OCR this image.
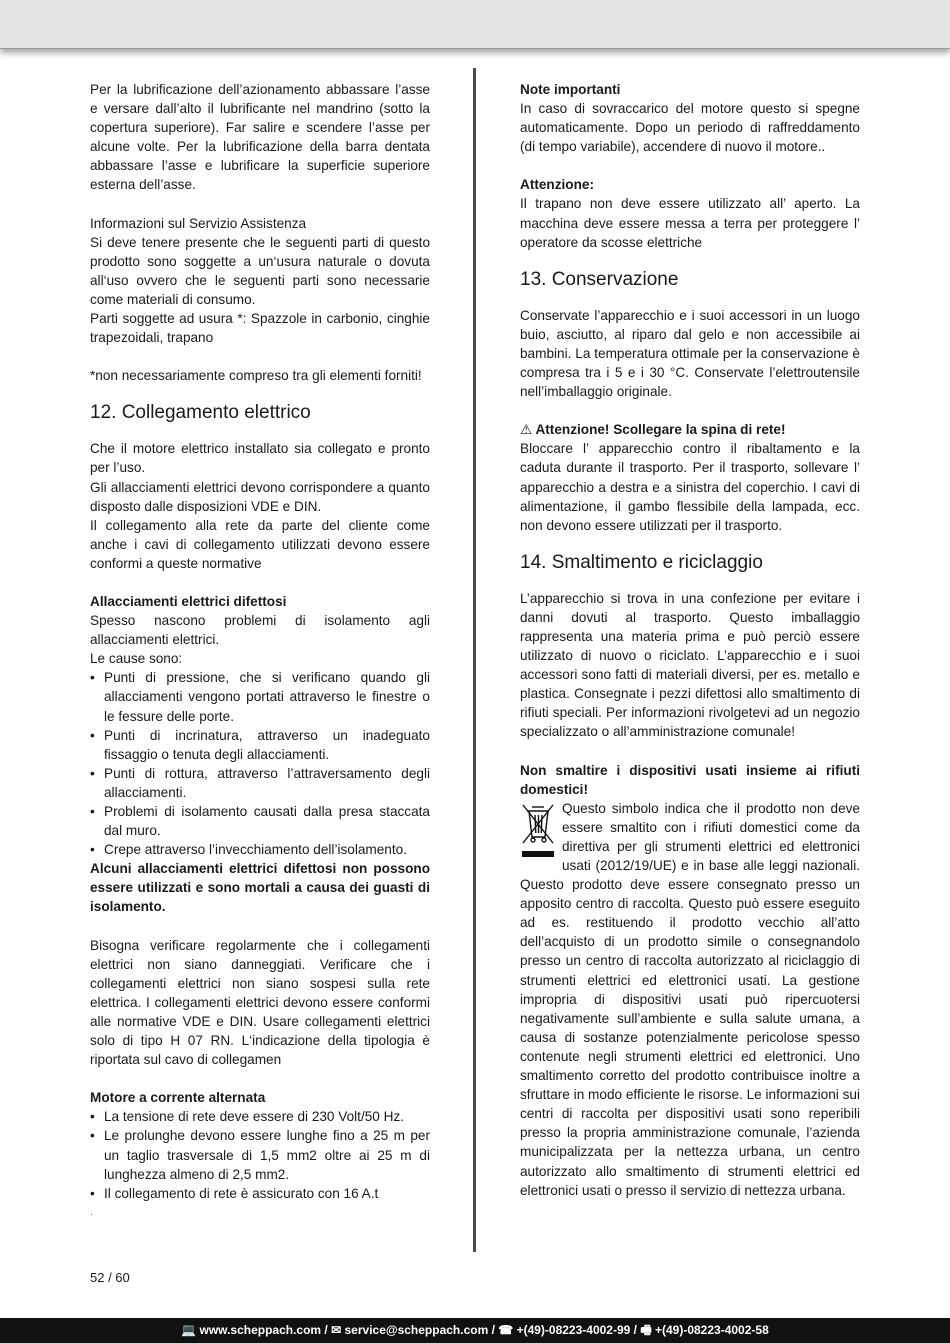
Per la lubrificazione dell’azionamento abbassare l’asse e versare dall’alto il lubrificante nel mandrino (sotto la copertura superiore). Far salire e scendere l’asse per alcune volte. Per la lubrificazione della barra dentata abbassare l’asse e lubrificare la superficie superiore esterna dell’asse.

Informazioni sul Servizio Assistenza

Si deve tenere presente che le seguenti parti di questo prodotto sono soggette a un‘usura naturale o dovuta all‘uso ovvero che le seguenti parti sono necessarie come materiali di consumo.

Parti soggette ad usura *: Spazzole in carbonio, cinghie trapezoidali, trapano

*non necessariamente compreso tra gli elementi forniti!

12. Collegamento elettrico

Che il motore elettrico installato sia collegato e pronto per l’uso.

Gli allacciamenti elettrici devono corrispondere a quanto disposto dalle disposizioni VDE e DIN.

Il collegamento alla rete da parte del cliente come anche i cavi di collegamento utilizzati devono essere conformi a queste normative

Allacciamenti elettrici difettosi

Spesso nascono problemi di isolamento agli allacciamenti elettrici.

Le cause sono:

• Punti di pressione, che si verificano quando gli allacciamenti vengono portati attraverso le finestre o le fessure delle porte.
• Punti di incrinatura, attraverso un inadeguato fissaggio o tenuta degli allacciamenti.
• Punti di rottura, attraverso l’attraversamento degli allacciamenti.
• Problemi di isolamento causati dalla presa staccata dal muro.
• Crepe attraverso l’invecchiamento dell’isolamento.

Alcuni allacciamenti elettrici difettosi non possono essere utilizzati e sono mortali a causa dei guasti di isolamento.

Bisogna verificare regolarmente che i collegamenti elettrici non siano danneggiati. Verificare che i collegamenti elettrici non siano sospesi sulla rete elettrica. I collegamenti elettrici devono essere conformi alle normative VDE e DIN. Usare collegamenti elettrici solo di tipo H 07 RN. L‘indicazione della tipologia è riportata sul cavo di collegamen

Motore a corrente alternata

• La tensione di rete deve essere di 230 Volt/50 Hz.
• Le prolunghe devono essere lunghe fino a 25 m per un taglio trasversale di 1,5 mm2 oltre ai 25 m di lunghezza almeno di 2,5 mm2.
• Il collegamento di rete è assicurato con 16 A.t

.

Note importanti

In caso di sovraccarico del motore questo si spegne automaticamente. Dopo un periodo di raffreddamento (di tempo variabile), accendere di nuovo il motore..

Attenzione:

Il trapano non deve essere utilizzato all’ aperto. La macchina deve essere messa a terra per proteggere l’ operatore da scosse elettriche

13. Conservazione

Conservate l’apparecchio e i suoi accessori in un luogo buio, asciutto, al riparo dal gelo e non accessibile ai bambini. La temperatura ottimale per la conservazione è compresa tra i 5 e i 30 °C. Conservate l’elettroutensile nell’imballaggio originale.

⚠ Attenzione! Scollegare la spina di rete!

Bloccare l’ apparecchio contro il ribaltamento e la caduta durante il trasporto. Per il trasporto, sollevare l’ apparecchio a destra e a sinistra del coperchio. I cavi di alimentazione, il gambo flessibile della lampada, ecc. non devono essere utilizzati per il trasporto.

14. Smaltimento e riciclaggio

L’apparecchio si trova in una confezione per evitare i danni dovuti al trasporto. Questo imballaggio rappresenta una materia prima e può perciò essere utilizzato di nuovo o riciclato. L’apparecchio e i suoi accessori sono fatti di materiali diversi, per es. metallo e plastica. Consegnate i pezzi difettosi allo smaltimento di rifiuti speciali. Per informazioni rivolgetevi ad un negozio specializzato o all’amministrazione comunale!

Non smaltire i dispositivi usati insieme ai rifiuti domestici!

Questo simbolo indica che il prodotto non deve essere smaltito con i rifiuti domestici come da direttiva per gli strumenti elettrici ed elettronici usati (2012/19/UE) e in base alle leggi nazionali. Questo prodotto deve essere consegnato presso un apposito centro di raccolta. Questo può essere eseguito ad es. restituendo il prodotto vecchio all’atto dell’acquisto di un prodotto simile o consegnandolo presso un centro di raccolta autorizzato al riciclaggio di strumenti elettrici ed elettronici usati. La gestione impropria di dispositivi usati può ripercuotersi negativamente sull’ambiente e sulla salute umana, a causa di sostanze potenzialmente pericolose spesso contenute negli strumenti elettrici ed elettronici. Uno smaltimento corretto del prodotto contribuisce inoltre a sfruttare in modo efficiente le risorse. Le informazioni sui centri di raccolta per dispositivi usati sono reperibili presso la propria amministrazione comunale, l’azienda municipalizzata per la nettezza urbana, un centro autorizzato allo smaltimento di strumenti elettrici ed elettronici usati o presso il servizio di nettezza urbana.

52 / 60
💻 www.scheppach.com / ✉ service@scheppach.com / ☎ +(49)-08223-4002-99 / 🖷 +(49)-08223-4002-58
